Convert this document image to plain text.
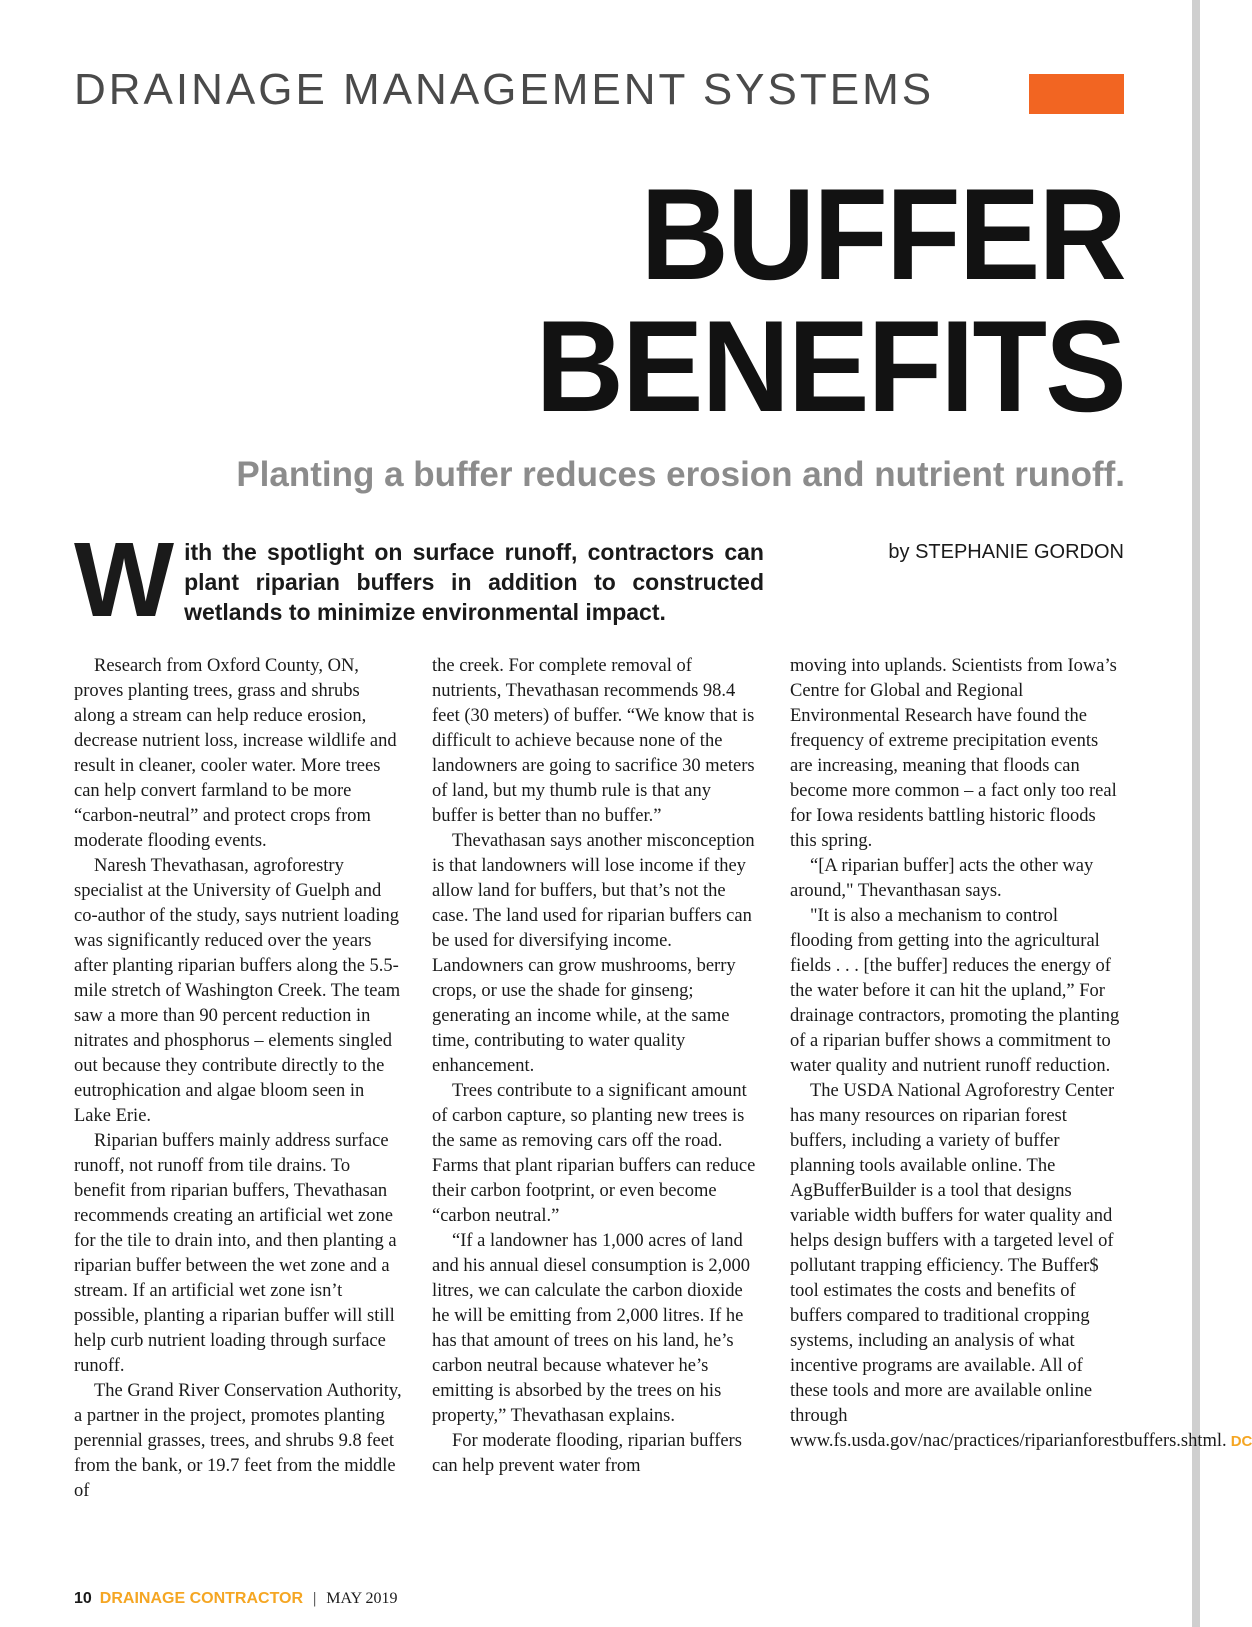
DRAINAGE MANAGEMENT SYSTEMS
BUFFER
BENEFITS
Planting a buffer reduces erosion and nutrient runoff.
by STEPHANIE GORDON
W ith the spotlight on surface runoff, contractors can plant riparian buffers in addition to constructed wetlands to minimize environmental impact.

Research from Oxford County, ON, proves planting trees, grass and shrubs along a stream can help reduce erosion, decrease nutrient loss, increase wildlife and result in cleaner, cooler water. More trees can help convert farmland to be more “carbon-neutral” and protect crops from moderate flooding events.

Naresh Thevathasan, agroforestry specialist at the University of Guelph and co-author of the study, says nutrient loading was significantly reduced over the years after planting riparian buffers along the 5.5-mile stretch of Washington Creek. The team saw a more than 90 percent reduction in nitrates and phosphorus – elements singled out because they contribute directly to the eutrophication and algae bloom seen in Lake Erie.

Riparian buffers mainly address surface runoff, not runoff from tile drains. To benefit from riparian buffers, Thevathasan recommends creating an artificial wet zone for the tile to drain into, and then planting a riparian buffer between the wet zone and a stream. If an artificial wet zone isn’t possible, planting a riparian buffer will still help curb nutrient loading through surface runoff.

The Grand River Conservation Authority, a partner in the project, promotes planting perennial grasses, trees, and shrubs 9.8 feet from the bank, or 19.7 feet from the middle of

the creek. For complete removal of nutrients, Thevathasan recommends 98.4 feet (30 meters) of buffer. “We know that is difficult to achieve because none of the landowners are going to sacrifice 30 meters of land, but my thumb rule is that any buffer is better than no buffer.”

Thevathasan says another misconception is that landowners will lose income if they allow land for buffers, but that’s not the case. The land used for riparian buffers can be used for diversifying income. Landowners can grow mushrooms, berry crops, or use the shade for ginseng; generating an income while, at the same time, contributing to water quality enhancement.

Trees contribute to a significant amount of carbon capture, so planting new trees is the same as removing cars off the road. Farms that plant riparian buffers can reduce their carbon footprint, or even become “carbon neutral.”

“If a landowner has 1,000 acres of land and his annual diesel consumption is 2,000 litres, we can calculate the carbon dioxide he will be emitting from 2,000 litres. If he has that amount of trees on his land, he’s carbon neutral because whatever he’s emitting is absorbed by the trees on his property,” Thevathasan explains.

For moderate flooding, riparian buffers can help prevent water from

moving into uplands. Scientists from Iowa’s Centre for Global and Regional Environmental Research have found the frequency of extreme precipitation events are increasing, meaning that floods can become more common – a fact only too real for Iowa residents battling historic floods this spring.

“[A riparian buffer] acts the other way around," Thevanthasan says.

"It is also a mechanism to control flooding from getting into the agricultural fields . . . [the buffer] reduces the energy of the water before it can hit the upland,” For drainage contractors, promoting the planting of a riparian buffer shows a commitment to water quality and nutrient runoff reduction.

The USDA National Agroforestry Center has many resources on riparian forest buffers, including a variety of buffer planning tools available online. The AgBufferBuilder is a tool that designs variable width buffers for water quality and helps design buffers with a targeted level of pollutant trapping efficiency. The Buffer$ tool estimates the costs and benefits of buffers compared to traditional cropping systems, including an analysis of what incentive programs are available. All of these tools and more are available online through www.fs.usda.gov/nac/practices/riparianforestbuffers.shtml. DC

10 DRAINAGE CONTRACTOR | MAY 2019
